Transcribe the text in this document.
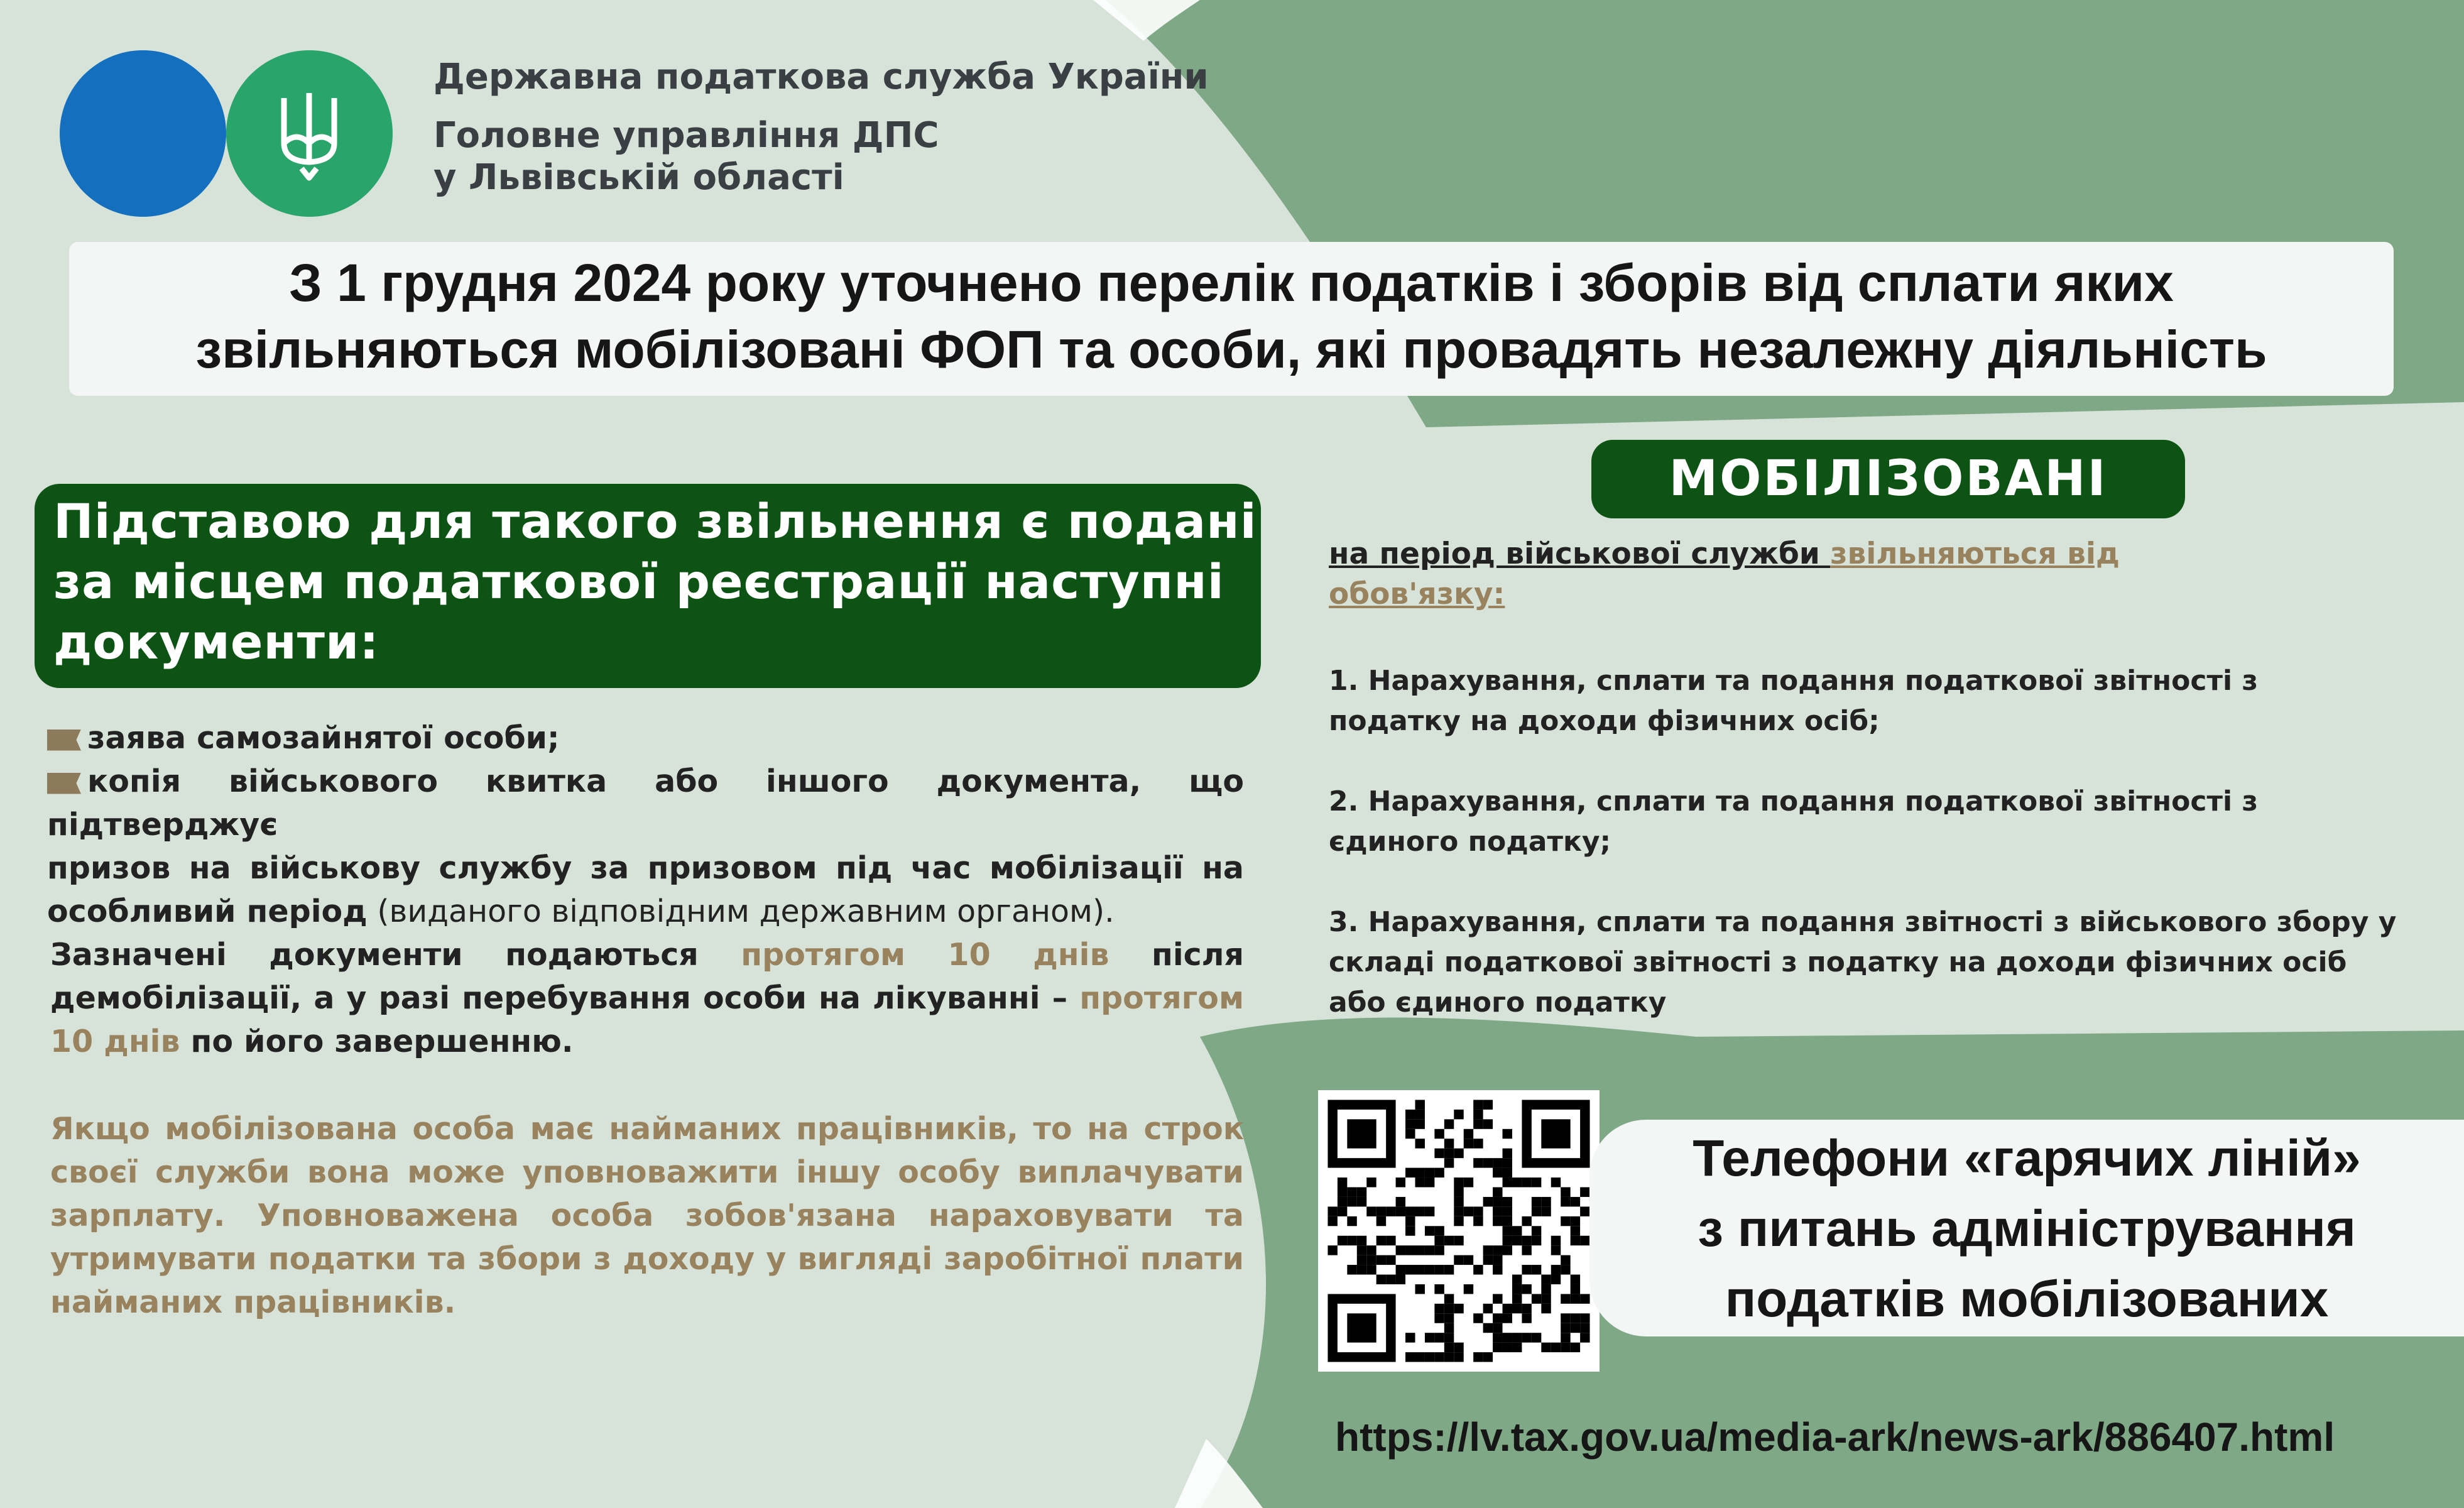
Державна податкова служба України
Головне управління ДПС
у Львівській області
З 1 грудня 2024 року уточнено перелік податків і зборів від сплати яких
звільняються мобілізовані ФОП та особи, які провадять незалежну діяльність
Підставою для такого звільнення є подані
за місцем податкової реєстрації наступні
документи:
заява самозайнятої особи;
копія військового квитка або іншого документа, що підтверджує
призов на військову службу за призовом під час мобілізації на
особливий період (виданого відповідним державним органом).
Зазначені документи подаються протягом 10 днів після
демобілізації, а у разі перебування особи на лікуванні – протягом
10 днів по його завершенню.
Якщо мобілізована особа має найманих працівників, то на строк
своєї служби вона може уповноважити іншу особу виплачувати
зарплату. Уповноважена особа зобов'язана нараховувати та
утримувати податки та збори з доходу у вигляді заробітної плати
найманих працівників.
МОБІЛІЗОВАНІ
на період військової служби звільняються від
обов'язку:
1. Нарахування, сплати та подання податкової звітності з
податку на доходи фізичних осіб;
2. Нарахування, сплати та подання податкової звітності з
єдиного податку;
3. Нарахування, сплати та подання звітності з військового збору у
складі податкової звітності з податку на доходи фізичних осіб
або єдиного податку
Телефони «гарячих ліній»
з питань адміністрування
податків мобілізованих
https://lv.tax.gov.ua/media-ark/news-ark/886407.html
